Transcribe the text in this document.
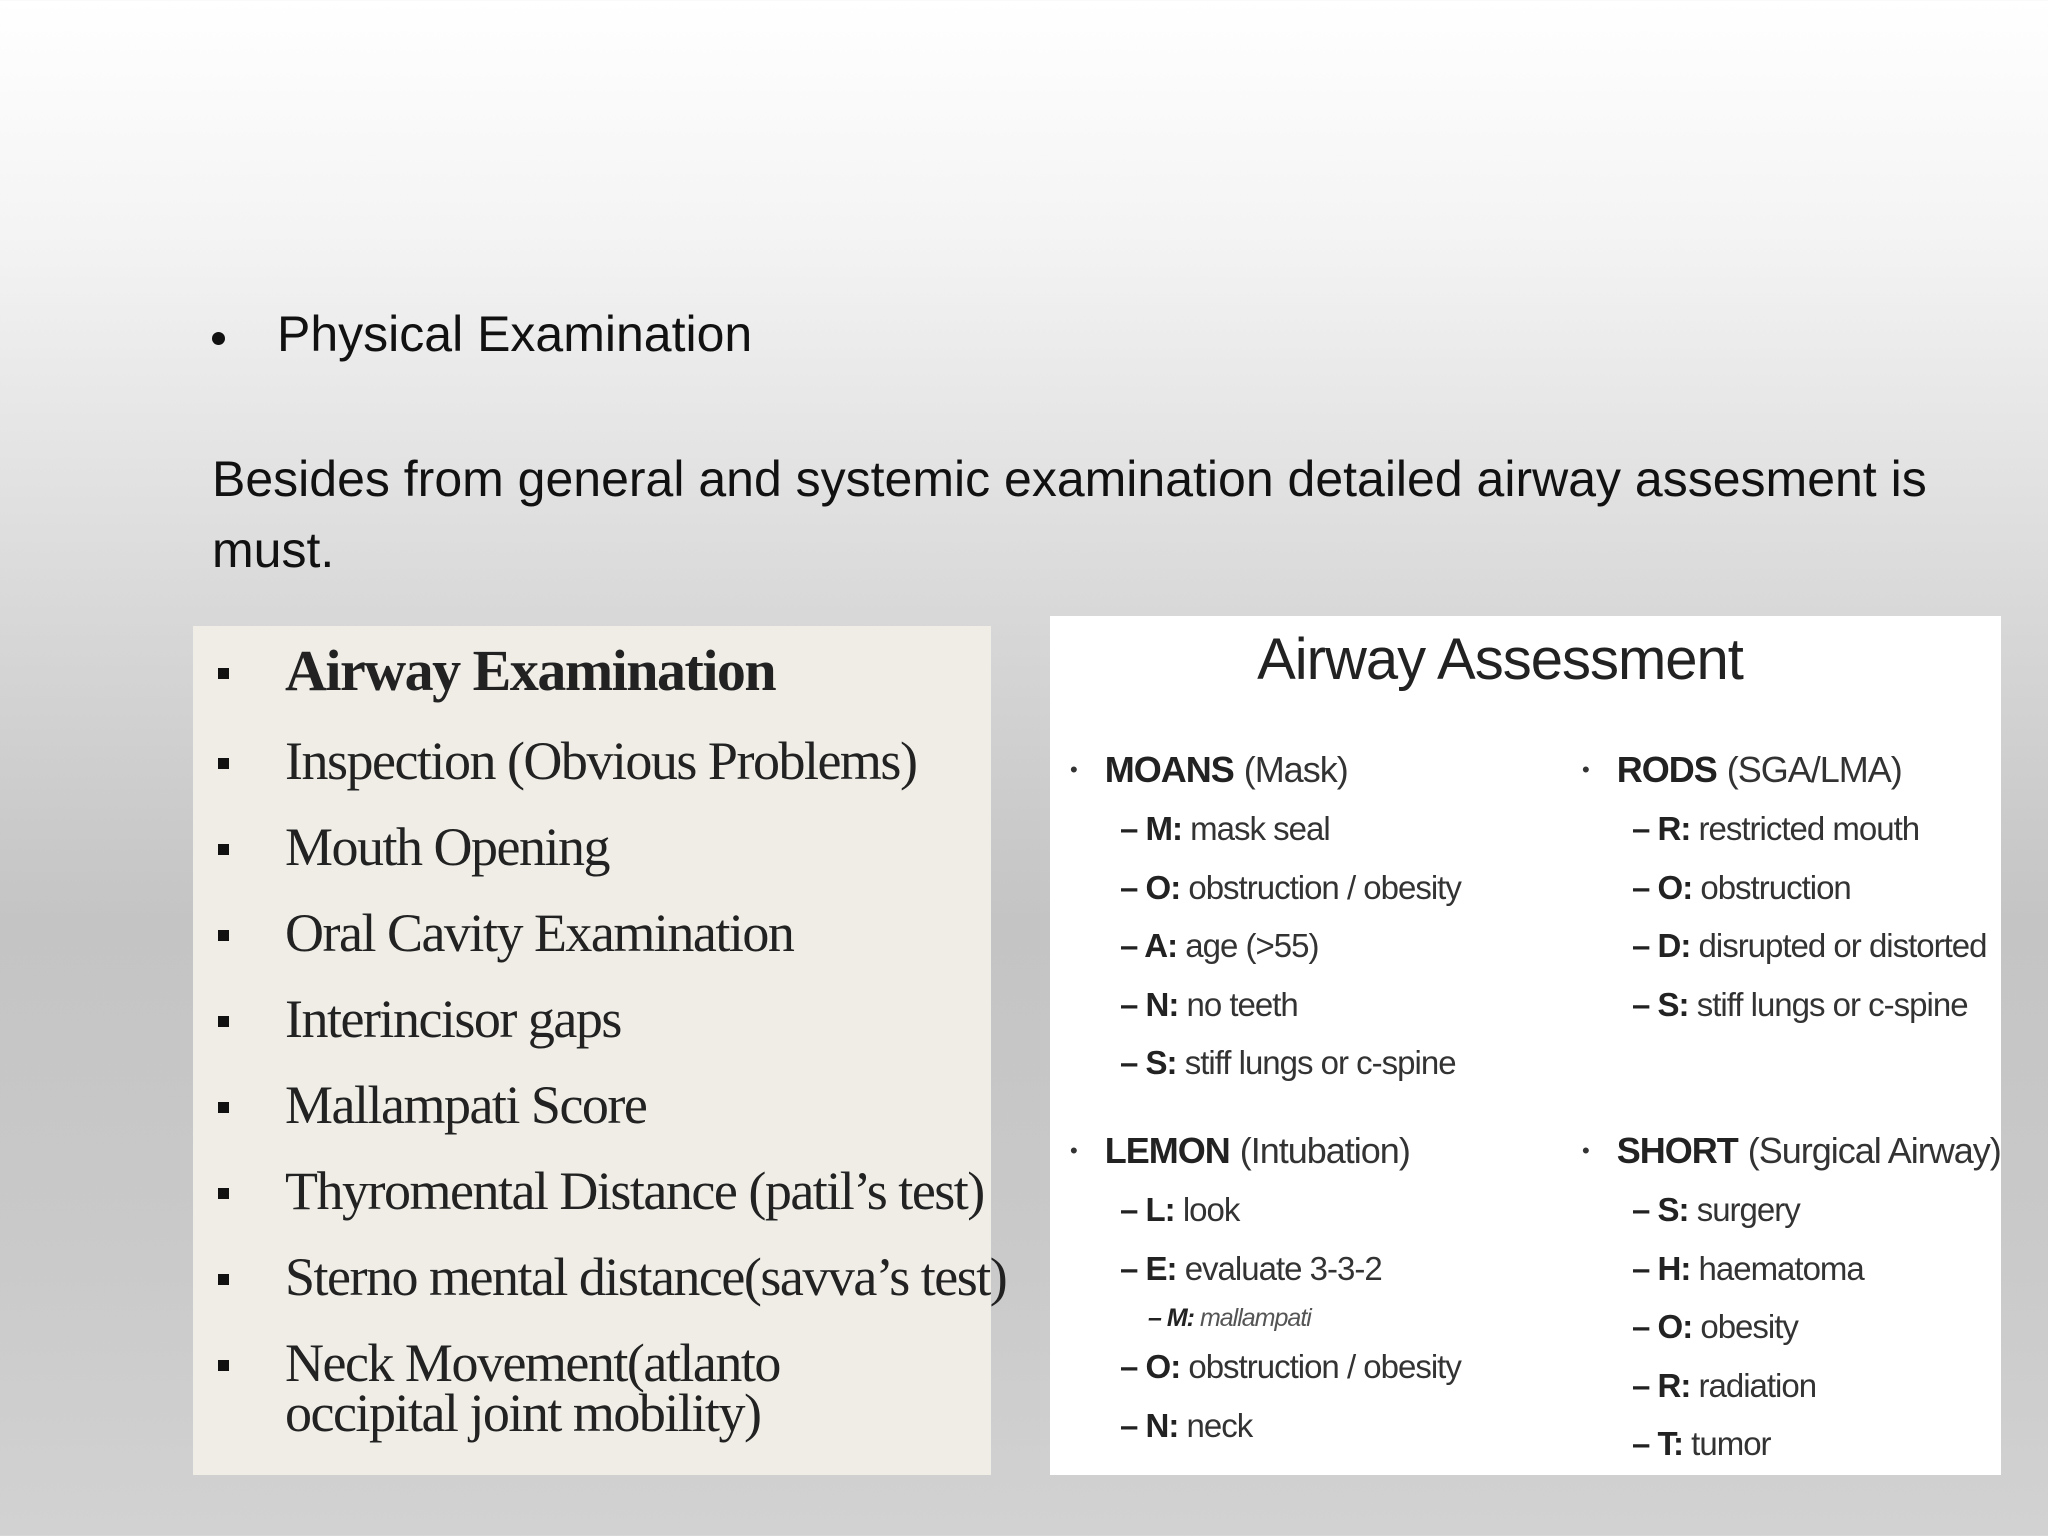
Physical Examination
Besides from general and systemic examination detailed airway assesment is must.
Airway Examination
Inspection (Obvious Problems)
Mouth Opening
Oral Cavity Examination
Interincisor gaps
Mallampati Score
Thyromental Distance (patil’s test)
Sterno mental distance(savva’s test)
Neck Movement(atlanto occipital joint mobility)
Airway Assessment
• MOANS (Mask)
– M: mask seal
– O: obstruction / obesity
– A: age (>55)
– N: no teeth
– S: stiff lungs or c-spine
• RODS (SGA/LMA)
– R: restricted mouth
– O: obstruction
– D: disrupted or distorted
– S: stiff lungs or c-spine
• LEMON (Intubation)
– L: look
– E: evaluate 3-3-2
– M: mallampati
– O: obstruction / obesity
– N: neck
• SHORT (Surgical Airway)
– S: surgery
– H: haematoma
– O: obesity
– R: radiation
– T: tumor
